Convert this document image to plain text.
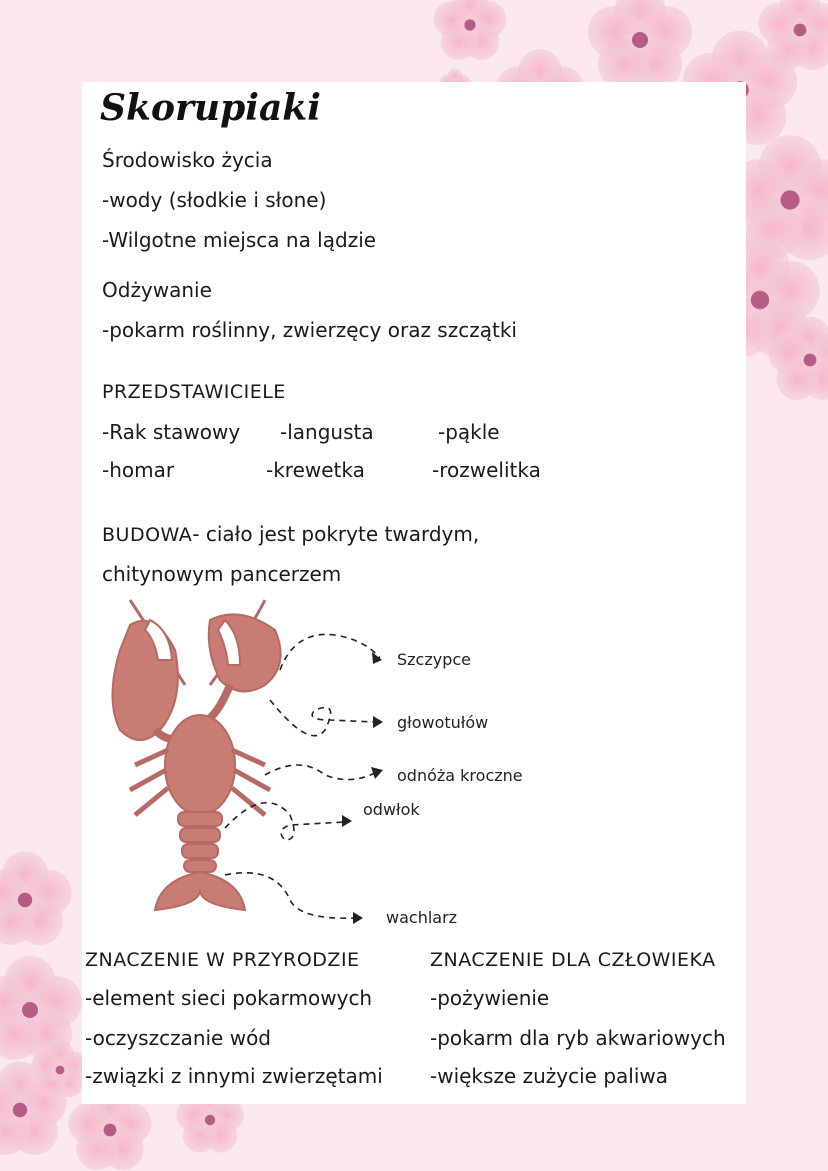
Skorupiaki
Środowisko życia
-wody (słodkie i słone)
-Wilgotne miejsca na lądzie
Odżywanie
-pokarm roślinny, zwierzęcy oraz szczątki
PRZEDSTAWICIELE
-Rak stawowy -langusta	-pąkle
-homar	-krewetka	-rozwelitka
BUDOWA- ciało jest pokryte twardym,
chitynowym pancerzem
Szczypce
głowotułów
odnóża kroczne
odwłok
wachlarz
ZNACZENIE W PRZYRODZIE
-element sieci pokarmowych
-oczyszczanie wód
-związki z innymi zwierzętami
ZNACZENIE DLA CZŁOWIEKA
-pożywienie
-pokarm dla ryb akwariowych
-większe zużycie paliwa
